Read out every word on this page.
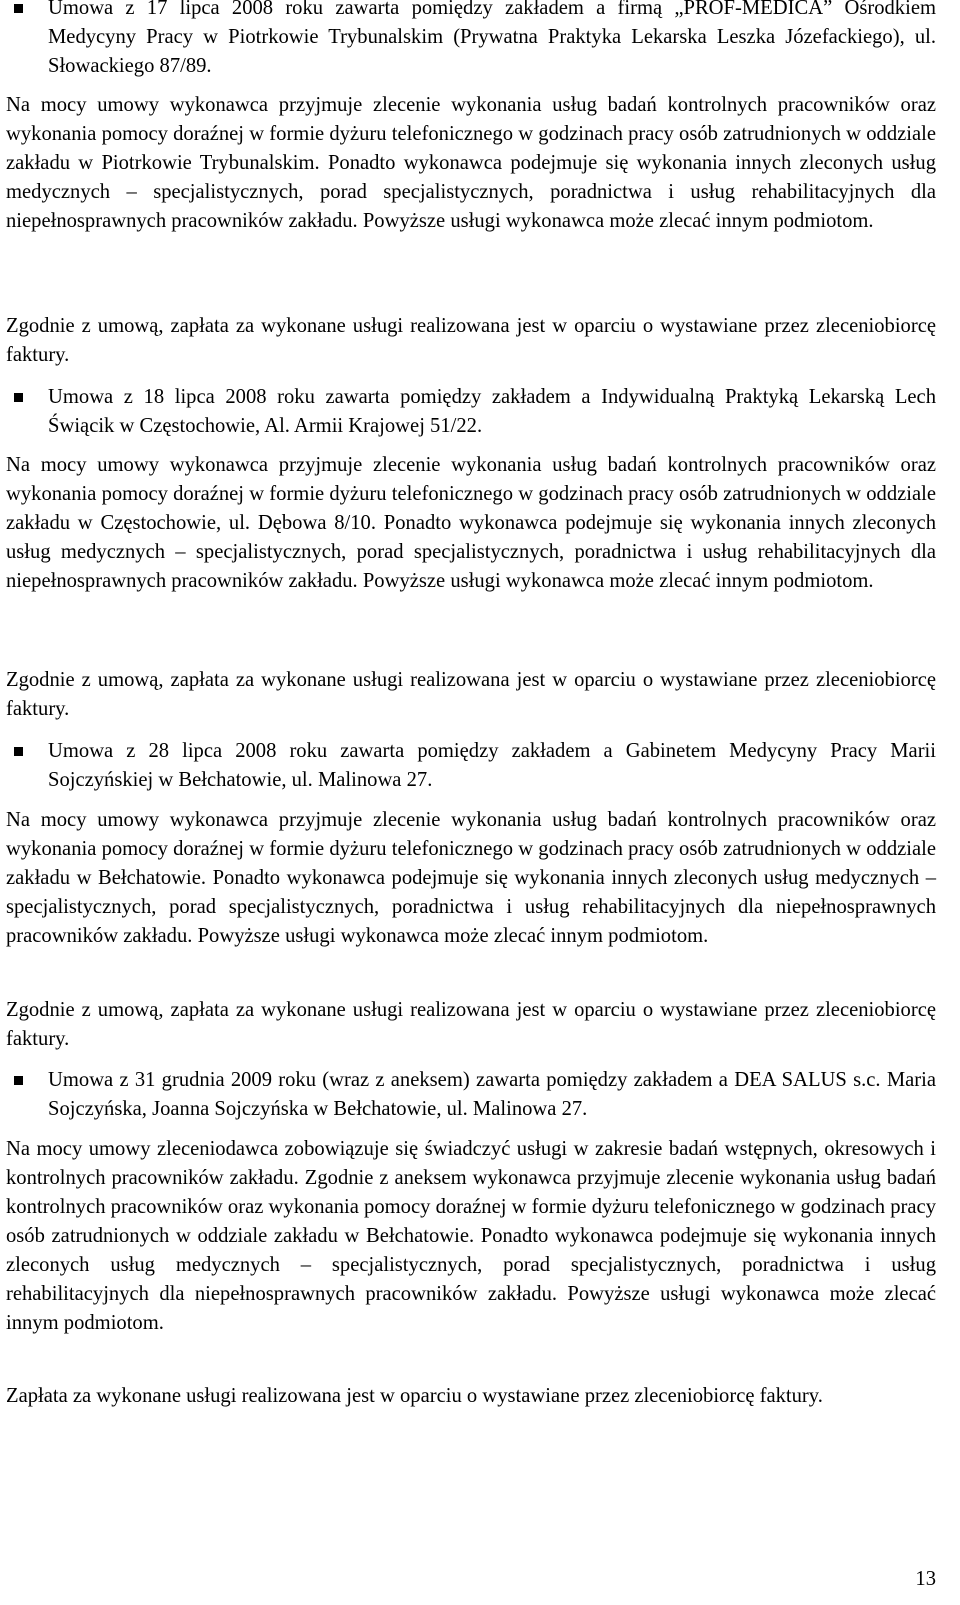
Umowa z 17 lipca 2008 roku zawarta pomiędzy zakładem a firmą „PROF-MEDICA” Ośrodkiem Medycyny Pracy w Piotrkowie Trybunalskim (Prywatna Praktyka Lekarska Leszka Józefackiego), ul. Słowackiego 87/89.

Na mocy umowy wykonawca przyjmuje zlecenie wykonania usług badań kontrolnych pracowników oraz wykonania pomocy doraźnej w formie dyżuru telefonicznego w godzinach pracy osób zatrudnionych w oddziale zakładu w Piotrkowie Trybunalskim. Ponadto wykonawca podejmuje się wykonania innych zleconych usług medycznych – specjalistycznych, porad specjalistycznych, poradnictwa i usług rehabilitacyjnych dla niepełnosprawnych pracowników zakładu. Powyższe usługi wykonawca może zlecać innym podmiotom.

Zgodnie z umową, zapłata za wykonane usługi realizowana jest w oparciu o wystawiane przez zleceniobiorcę faktury.

Umowa z 18 lipca 2008 roku zawarta pomiędzy zakładem a Indywidualną Praktyką Lekarską Lech Świącik w Częstochowie, Al. Armii Krajowej 51/22.

Na mocy umowy wykonawca przyjmuje zlecenie wykonania usług badań kontrolnych pracowników oraz wykonania pomocy doraźnej w formie dyżuru telefonicznego w godzinach pracy osób zatrudnionych w oddziale zakładu w Częstochowie, ul. Dębowa 8/10. Ponadto wykonawca podejmuje się wykonania innych zleconych usług medycznych – specjalistycznych, porad specjalistycznych, poradnictwa i usług rehabilitacyjnych dla niepełnosprawnych pracowników zakładu. Powyższe usługi wykonawca może zlecać innym podmiotom.

Zgodnie z umową, zapłata za wykonane usługi realizowana jest w oparciu o wystawiane przez zleceniobiorcę faktury.

Umowa z 28 lipca 2008 roku zawarta pomiędzy zakładem a Gabinetem Medycyny Pracy Marii Sojczyńskiej w Bełchatowie, ul. Malinowa 27.

Na mocy umowy wykonawca przyjmuje zlecenie wykonania usług badań kontrolnych pracowników oraz wykonania pomocy doraźnej w formie dyżuru telefonicznego w godzinach pracy osób zatrudnionych w oddziale zakładu w Bełchatowie. Ponadto wykonawca podejmuje się wykonania innych zleconych usług medycznych – specjalistycznych, porad specjalistycznych, poradnictwa i usług rehabilitacyjnych dla niepełnosprawnych pracowników zakładu. Powyższe usługi wykonawca może zlecać innym podmiotom.

Zgodnie z umową, zapłata za wykonane usługi realizowana jest w oparciu o wystawiane przez zleceniobiorcę faktury.

Umowa z 31 grudnia 2009 roku (wraz z aneksem) zawarta pomiędzy zakładem a DEA SALUS s.c. Maria Sojczyńska, Joanna Sojczyńska w Bełchatowie, ul. Malinowa 27.

Na mocy umowy zleceniodawca zobowiązuje się świadczyć usługi w zakresie badań wstępnych, okresowych i kontrolnych pracowników zakładu. Zgodnie z aneksem wykonawca przyjmuje zlecenie wykonania usług badań kontrolnych pracowników oraz wykonania pomocy doraźnej w formie dyżuru telefonicznego w godzinach pracy osób zatrudnionych w oddziale zakładu w Bełchatowie. Ponadto wykonawca podejmuje się wykonania innych zleconych usług medycznych – specjalistycznych, porad specjalistycznych, poradnictwa i usług rehabilitacyjnych dla niepełnosprawnych pracowników zakładu. Powyższe usługi wykonawca może zlecać innym podmiotom.

Zapłata za wykonane usługi realizowana jest w oparciu o wystawiane przez zleceniobiorcę faktury.

13
